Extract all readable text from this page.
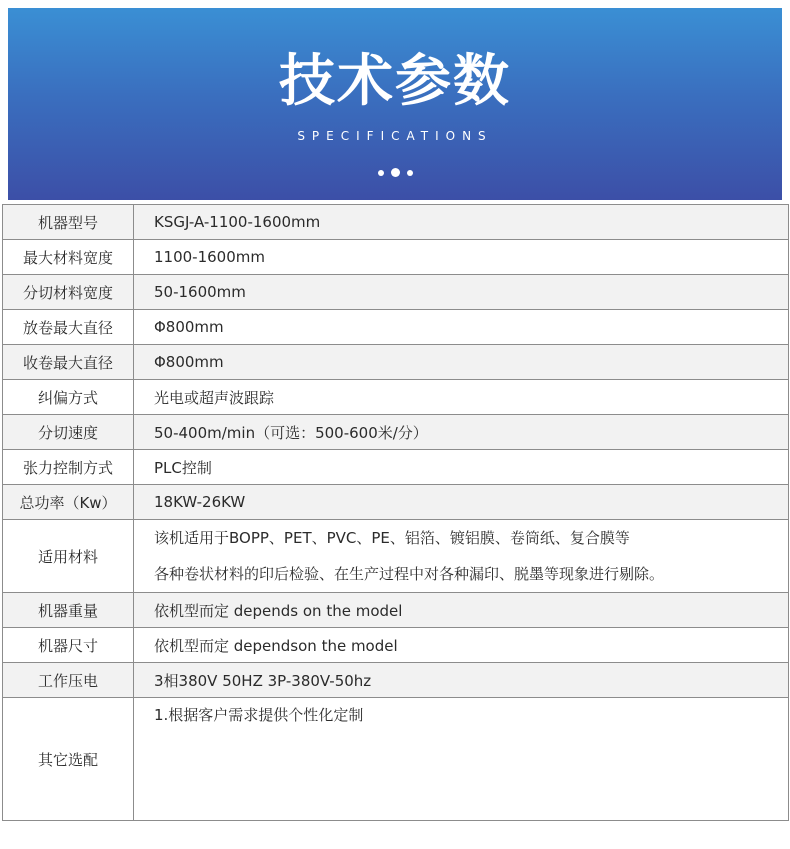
技术参数
SPECIFICATIONS
机器型号	KSGJ-A-1100-1600mm
最大材料宽度	1100-1600mm
分切材料宽度	50-1600mm
放卷最大直径	Φ800mm
收卷最大直径	Φ800mm
纠偏方式	光电或超声波跟踪
分切速度	50-400m/min（可选：500-600米/分）
张力控制方式	PLC控制
总功率（Kw）	18KW-26KW
适用材料	该机适用于BOPP、PET、PVC、PE、铝箔、镀铝膜、卷筒纸、复合膜等
各种卷状材料的印后检验、在生产过程中对各种漏印、脱墨等现象进行剔除。

机器重量	依机型而定 depends on the model
机器尺寸	依机型而定 dependson the model
工作压电	3相380V 50HZ 3P-380V-50hz
其它选配	1.根据客户需求提供个性化定制
